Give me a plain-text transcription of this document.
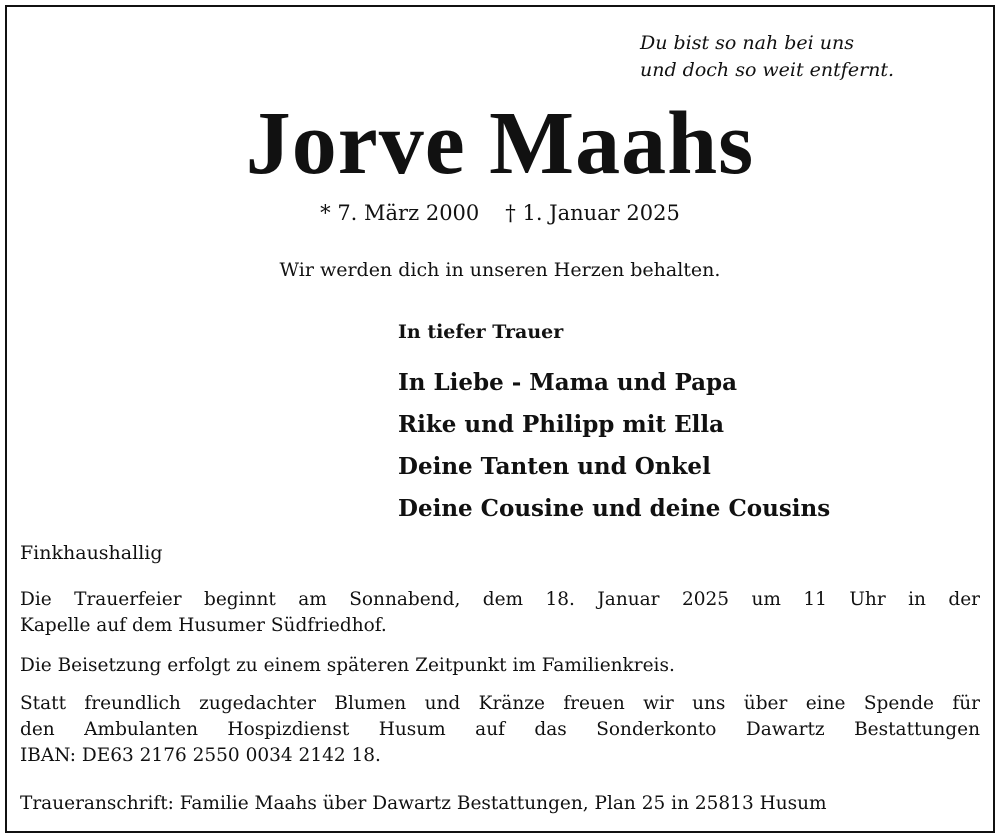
Du bist so nah bei uns
und doch so weit entfernt.
Jorve Maahs
* 7. März 2000 † 1. Januar 2025
Wir werden dich in unseren Herzen behalten.
In tiefer Trauer
In Liebe - Mama und Papa
Rike und Philipp mit Ella
Deine Tanten und Onkel
Deine Cousine und deine Cousins
Finkhaushallig
Die Trauerfeier beginnt am Sonnabend, dem 18. Januar 2025 um 11 Uhr in der
Kapelle auf dem Husumer Südfriedhof.
Die Beisetzung erfolgt zu einem späteren Zeitpunkt im Familienkreis.
Statt freundlich zugedachter Blumen und Kränze freuen wir uns über eine Spende für
den Ambulanten Hospizdienst Husum auf das Sonderkonto Dawartz Bestattungen
IBAN: DE63 2176 2550 0034 2142 18.
Traueranschrift: Familie Maahs über Dawartz Bestattungen, Plan 25 in 25813 Husum
